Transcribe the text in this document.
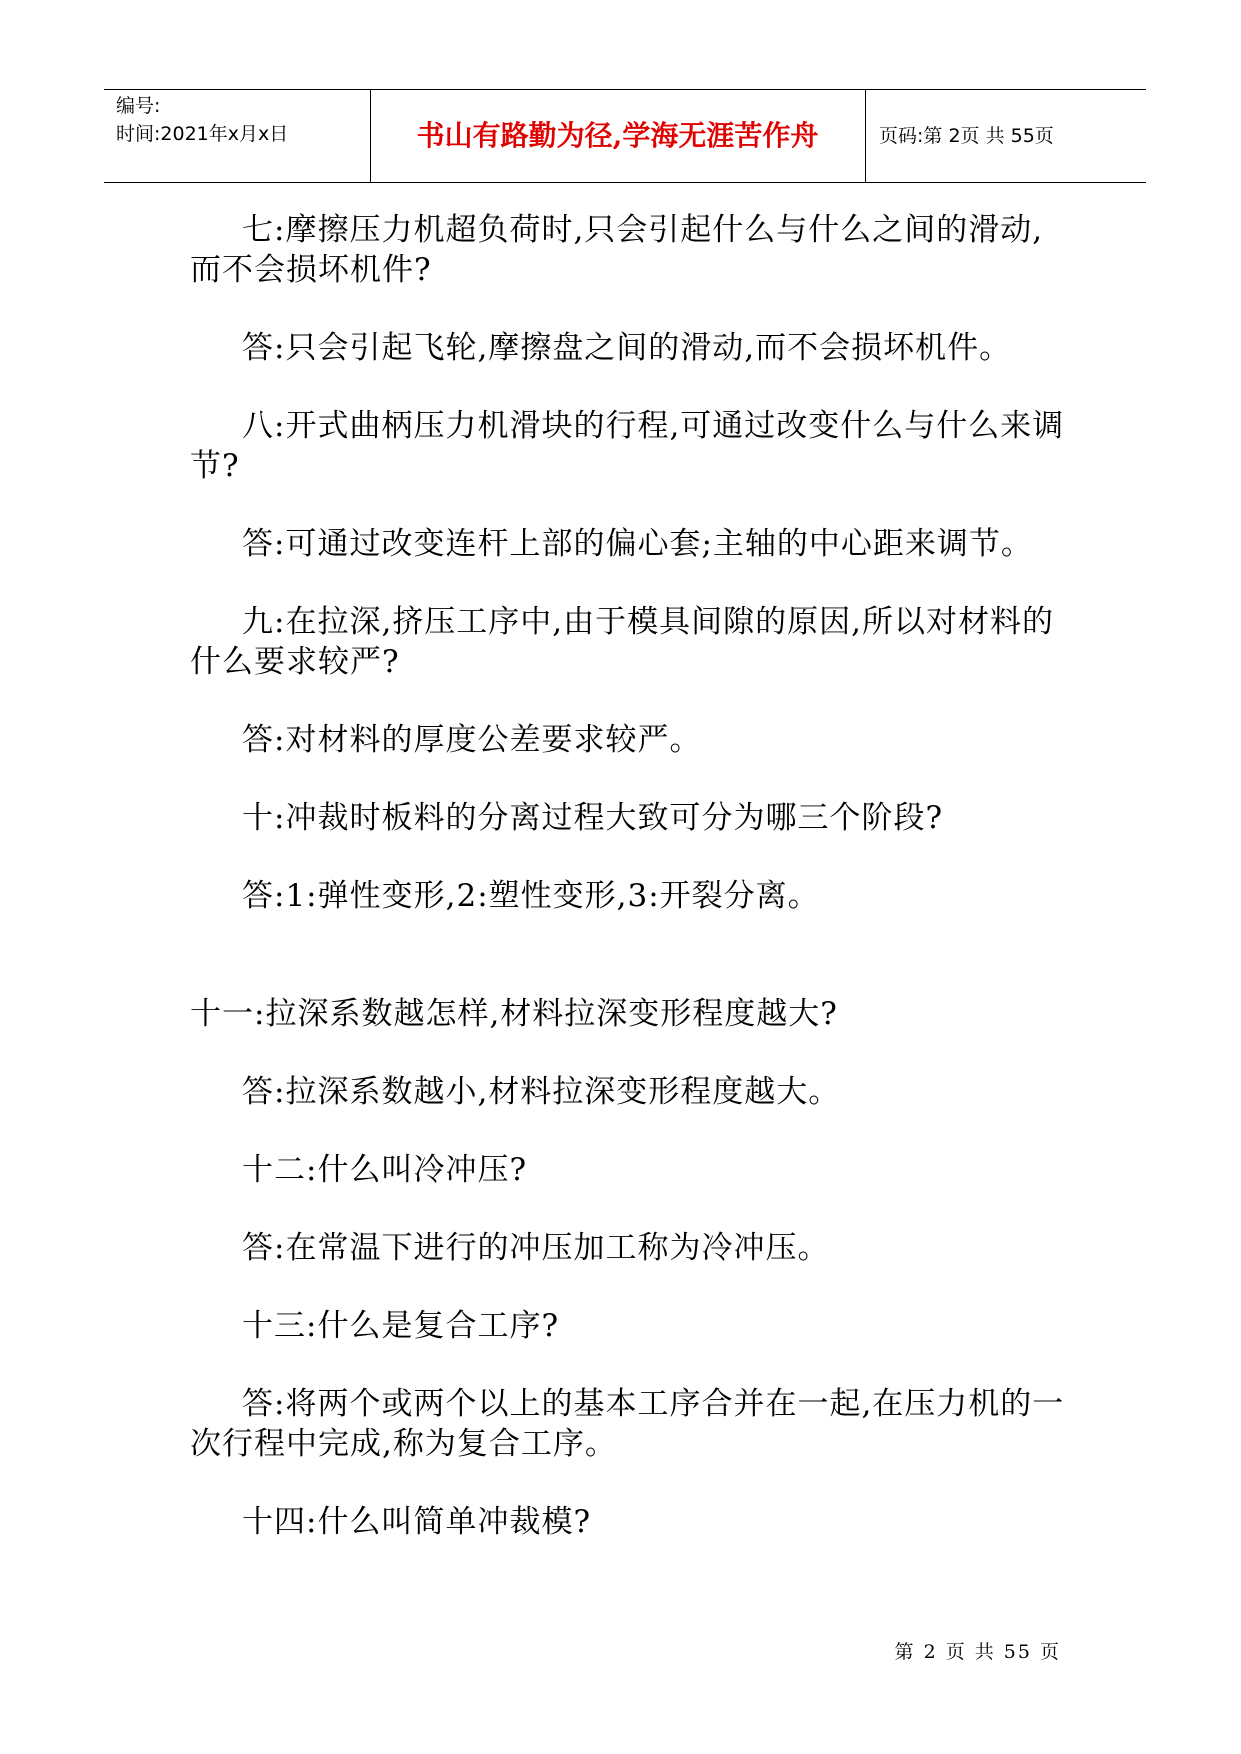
编号:
时间:2021年x月x日	书山有路勤为径,学海无涯苦作舟	页码:第 2页 共 55页

七:摩擦压力机超负荷时,只会引起什么与什么之间的滑动,而不会损坏机件?

答:只会引起飞轮,摩擦盘之间的滑动,而不会损坏机件。

八:开式曲柄压力机滑块的行程,可通过改变什么与什么来调节?

答:可通过改变连杆上部的偏心套;主轴的中心距来调节。

九:在拉深,挤压工序中,由于模具间隙的原因,所以对材料的什么要求较严?

答:对材料的厚度公差要求较严。

十:冲裁时板料的分离过程大致可分为哪三个阶段?

答:1:弹性变形,2:塑性变形,3:开裂分离。

十一:拉深系数越怎样,材料拉深变形程度越大?

答:拉深系数越小,材料拉深变形程度越大。

十二:什么叫冷冲压?

答:在常温下进行的冲压加工称为冷冲压。

十三:什么是复合工序?

答:将两个或两个以上的基本工序合并在一起,在压力机的一次行程中完成,称为复合工序。

十四:什么叫简单冲裁模?

第 2 页 共 55 页
